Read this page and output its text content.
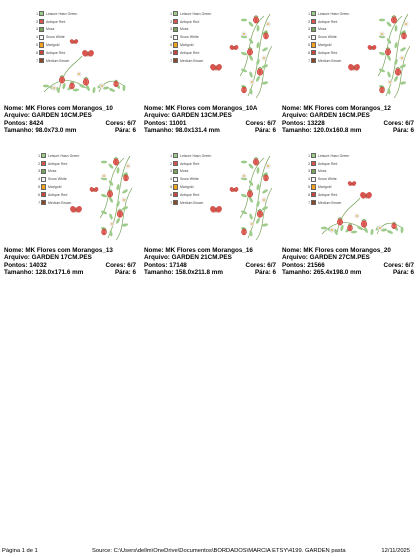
1 Leisure Hasn Green
2 Antique Red
3 Moss
4 Snow White
5 Marigold
6 Antique Red
7 Medium Brown
Nome: MK Flores com Morangos_10
Arquivo: GARDEN 10CM.PES
Pontos: 8424	Cores: 6/7
Tamanho: 98.0x73.0 mm	Pára: 6
1 Leisure Hasn Green
2 Antique Red
3 Moss
4 Snow White
5 Marigold
6 Antique Red
7 Medium Brown
Nome: MK Flores com Morangos_10A
Arquivo: GARDEN 13CM.PES
Pontos: 11001	Cores: 6/7
Tamanho: 98.0x131.4 mm	Pára: 6
1 Leisure Hasn Green
2 Antique Red
3 Moss
4 Snow White
5 Marigold
6 Antique Red
7 Medium Brown
Nome: MK Flores com Morangos_12
Arquivo: GARDEN 16CM.PES
Pontos: 13228	Cores: 6/7
Tamanho: 120.0x160.8 mm	Pára: 6
1 Leisure Hasn Green
2 Antique Red
3 Moss
4 Snow White
5 Marigold
6 Antique Red
7 Medium Brown
Nome: MK Flores com Morangos_13
Arquivo: GARDEN 17CM.PES
Pontos: 14032	Cores: 6/7
Tamanho: 128.0x171.6 mm	Pára: 6
1 Leisure Hasn Green
2 Antique Red
3 Moss
4 Snow White
5 Marigold
6 Antique Red
7 Medium Brown
Nome: MK Flores com Morangos_16
Arquivo: GARDEN 21CM.PES
Pontos: 17148	Cores: 6/7
Tamanho: 158.0x211.8 mm	Pára: 6
1 Leisure Hasn Green
2 Antique Red
3 Moss
4 Snow White
5 Marigold
6 Antique Red
7 Medium Brown
Nome: MK Flores com Morangos_20
Arquivo: GARDEN 27CM.PES
Pontos: 21566	Cores: 6/7
Tamanho: 265.4x198.0 mm	Pára: 6
Página 1 de 1	Source: C:\Users\dellm\OneDrive\Documentos\BORDADOS\MARCIA ETSY\4199. GARDEN pasta	12/11/2025
